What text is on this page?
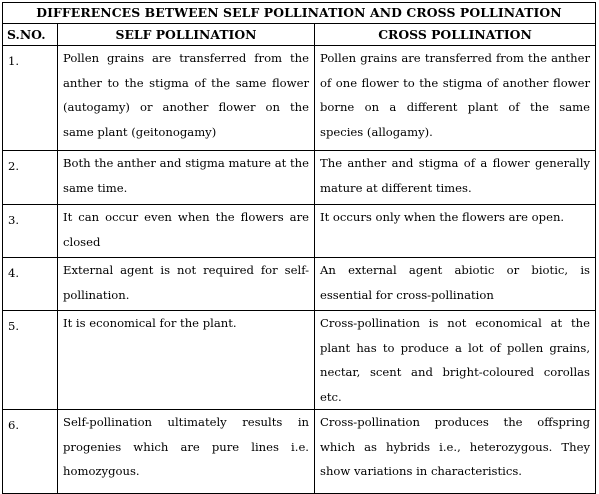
DIFFERENCES BETWEEN SELF POLLINATION AND CROSS POLLINATION		
S.NO.	SELF POLLINATION	CROSS POLLINATION
1.	Pollen grains are transferred from the anther to the stigma of the same flower (autogamy) or another flower on the same plant (geitonogamy)	Pollen grains are transferred from the anther of one flower to the stigma of another flower borne on a different plant of the same species (allogamy).
2.	Both the anther and stigma mature at the same time.	The anther and stigma of a flower generally mature at different times.
3.	It can occur even when the flowers are closed	It occurs only when the flowers are open.
4.	External agent is not required for self-pollination.	An external agent abiotic or biotic, is essential for cross-pollination
5.	It is economical for the plant.	Cross-pollination is not economical at the plant has to produce a lot of pollen grains, nectar, scent and bright-coloured corollas etc.
6.	Self-pollination ultimately results in progenies which are pure lines i.e. homozygous.	Cross-pollination produces the offspring which as hybrids i.e., heterozygous. They show variations in characteristics.
